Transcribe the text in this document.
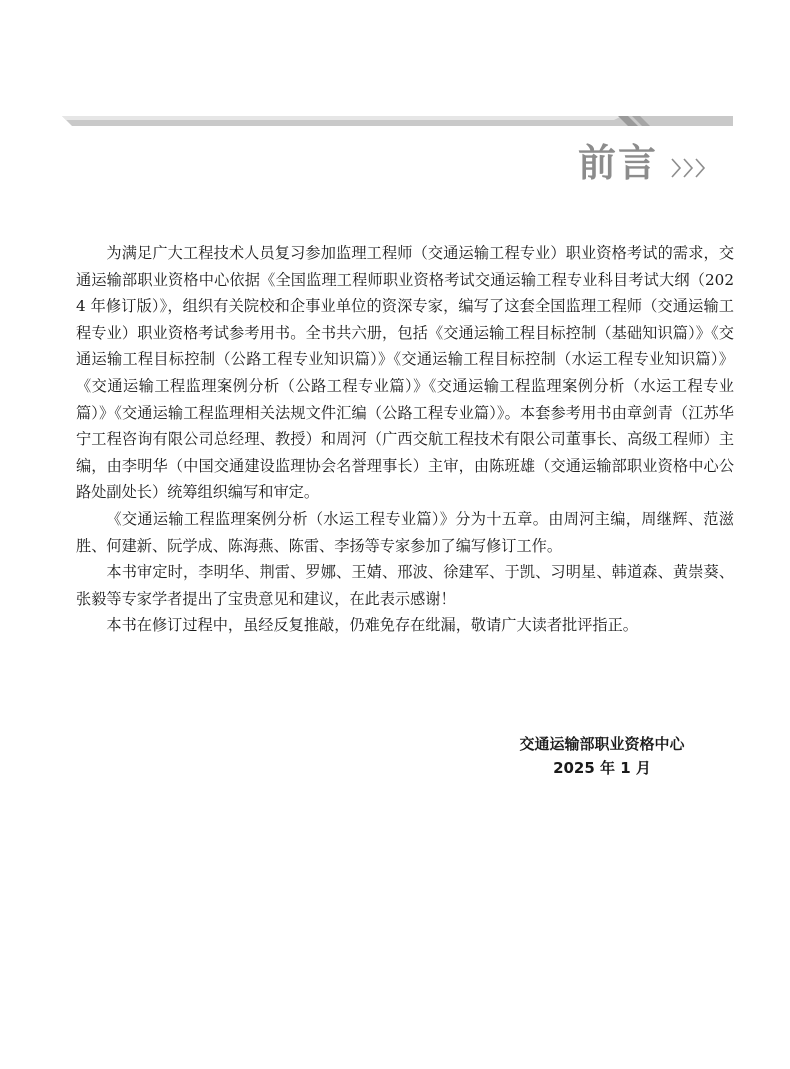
前言

为满足广大工程技术人员复习参加监理工程师（交通运输工程专业）职业资格考试的需求，交通运输部职业资格中心依据《全国监理工程师职业资格考试交通运输工程专业科目考试大纲（2024 年修订版）》，组织有关院校和企事业单位的资深专家，编写了这套全国监理工程师（交通运输工程专业）职业资格考试参考用书。全书共六册，包括《交通运输工程目标控制（基础知识篇）》《交通运输工程目标控制（公路工程专业知识篇）》《交通运输工程目标控制（水运工程专业知识篇）》《交通运输工程监理案例分析（公路工程专业篇）》《交通运输工程监理案例分析（水运工程专业篇）》《交通运输工程监理相关法规文件汇编（公路工程专业篇）》。本套参考用书由章剑青（江苏华宁工程咨询有限公司总经理、教授）和周河（广西交航工程技术有限公司董事长、高级工程师）主编，由李明华（中国交通建设监理协会名誉理事长）主审，由陈班雄（交通运输部职业资格中心公路处副处长）统筹组织编写和审定。

《交通运输工程监理案例分析（水运工程专业篇）》分为十五章。由周河主编，周继辉、范滋胜、何建新、阮学成、陈海燕、陈雷、李扬等专家参加了编写修订工作。

本书审定时，李明华、荆雷、罗娜、王婧、邢波、徐建军、于凯、习明星、韩道森、黄崇葵、张毅等专家学者提出了宝贵意见和建议，在此表示感谢！

本书在修订过程中，虽经反复推敲，仍难免存在纰漏，敬请广大读者批评指正。

交通运输部职业资格中心
2025 年 1 月
